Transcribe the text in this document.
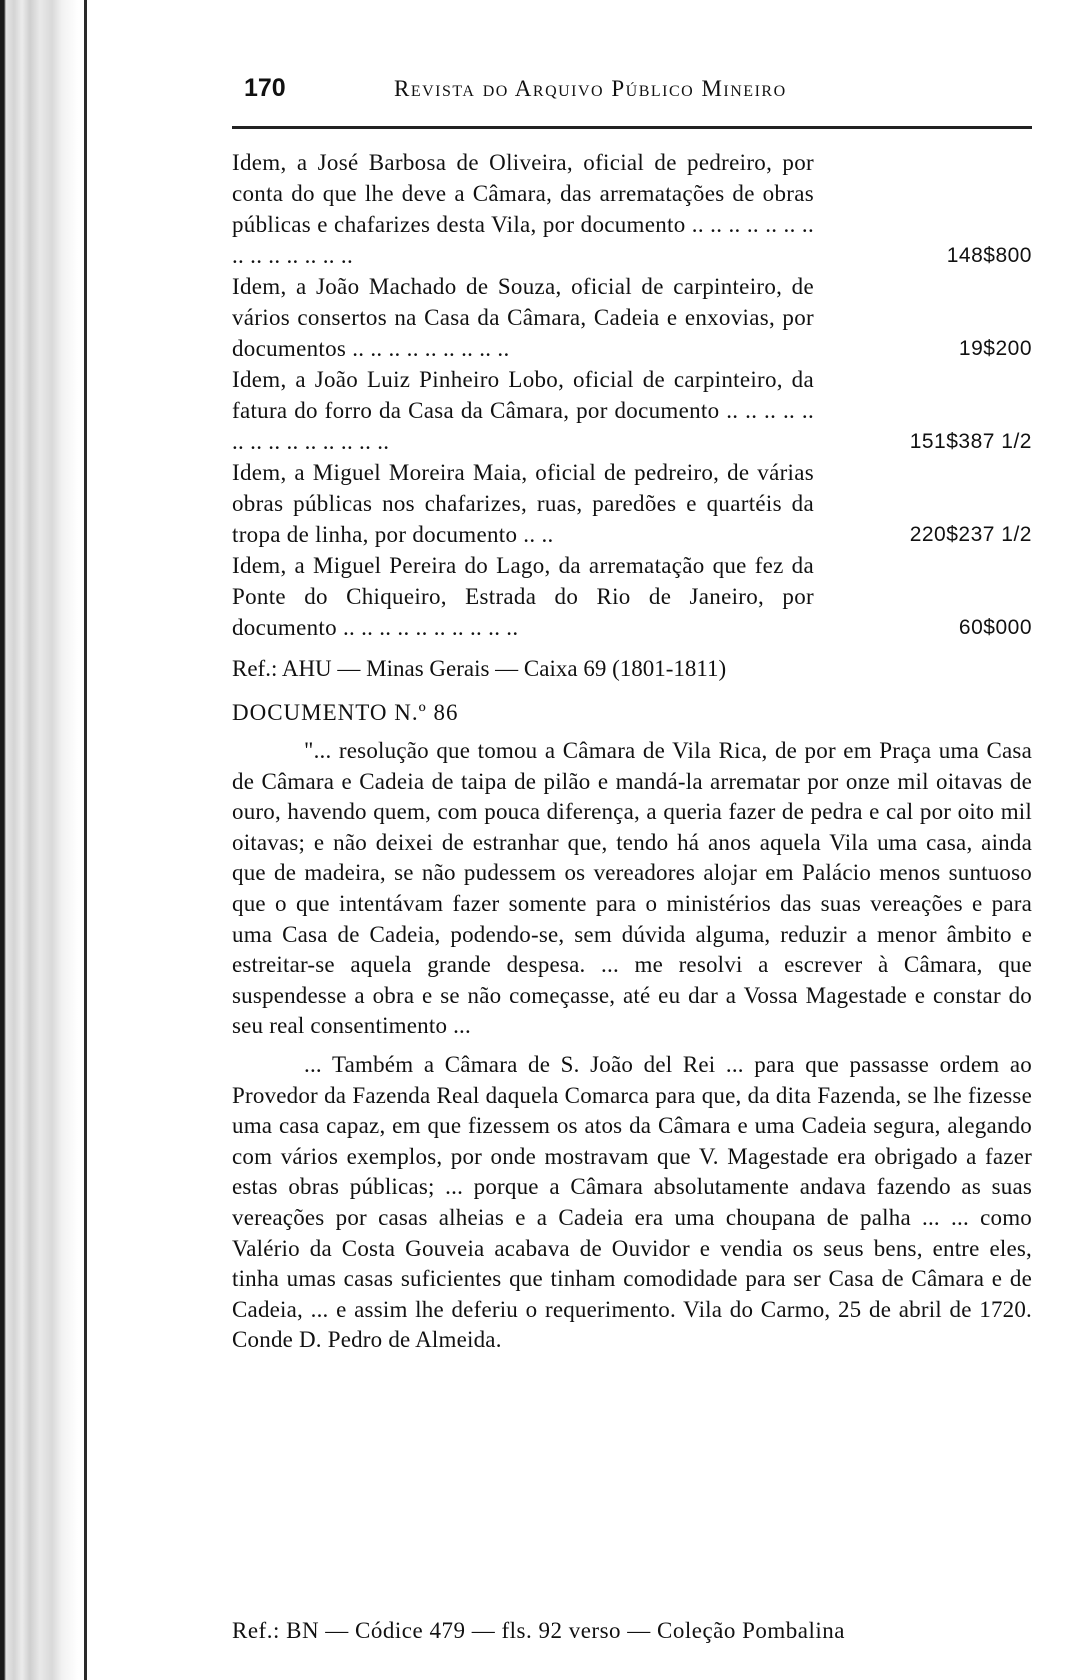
170	Revista do Arquivo Público Mineiro
Idem, a José Barbosa de Oliveira, oficial de pedreiro, por conta do que lhe deve a Câmara, das arrematações de obras públicas e chafarizes desta Vila, por documento .. .. .. .. .. .. .. .. .. .. .. .. .. ..	148$800
Idem, a João Machado de Souza, oficial de carpinteiro, de vários consertos na Casa da Câmara, Cadeia e enxovias, por documentos .. .. .. .. .. .. .. .. ..	19$200
Idem, a João Luiz Pinheiro Lobo, oficial de carpinteiro, da fatura do forro da Casa da Câmara, por documento .. .. .. .. .. .. .. .. .. .. .. .. .. ..	151$387 1/2
Idem, a Miguel Moreira Maia, oficial de pedreiro, de várias obras públicas nos chafarizes, ruas, paredões e quartéis da tropa de linha, por documento .. ..	220$237 1/2
Idem, a Miguel Pereira do Lago, da arrematação que fez da Ponte do Chiqueiro, Estrada do Rio de Janeiro, por documento .. .. .. .. .. .. .. .. .. ..	60$000
Ref.: AHU — Minas Gerais — Caixa 69 (1801-1811)
DOCUMENTO N.º 86

"... resolução que tomou a Câmara de Vila Rica, de por em Praça uma Casa de Câmara e Cadeia de taipa de pilão e mandá-la arrematar por onze mil oitavas de ouro, havendo quem, com pouca diferença, a queria fazer de pedra e cal por oito mil oitavas; e não deixei de estranhar que, tendo há anos aquela Vila uma casa, ainda que de madeira, se não pudessem os vereadores alojar em Palácio menos suntuoso que o que intentávam fazer somente para o ministérios das suas vereações e para uma Casa de Cadeia, podendo-se, sem dúvida alguma, reduzir a menor âmbito e estreitar-se aquela grande despesa. ... me resolvi a escrever à Câmara, que suspendesse a obra e se não começasse, até eu dar a Vossa Magestade e constar do seu real consentimento ...

... Também a Câmara de S. João del Rei ... para que passasse ordem ao Provedor da Fazenda Real daquela Comarca para que, da dita Fazenda, se lhe fizesse uma casa capaz, em que fizessem os atos da Câmara e uma Cadeia segura, alegando com vários exemplos, por onde mostravam que V. Magestade era obrigado a fazer estas obras públicas; ... porque a Câmara absolutamente andava fazendo as suas vereações por casas alheias e a Cadeia era uma choupana de palha ... ... como Valério da Costa Gouveia acabava de Ouvidor e vendia os seus bens, entre eles, tinha umas casas suficientes que tinham comodidade para ser Casa de Câmara e de Cadeia, ... e assim lhe deferiu o requerimento. Vila do Carmo, 25 de abril de 1720. Conde D. Pedro de Almeida.

Ref.: BN — Códice 479 — fls. 92 verso — Coleção Pombalina
